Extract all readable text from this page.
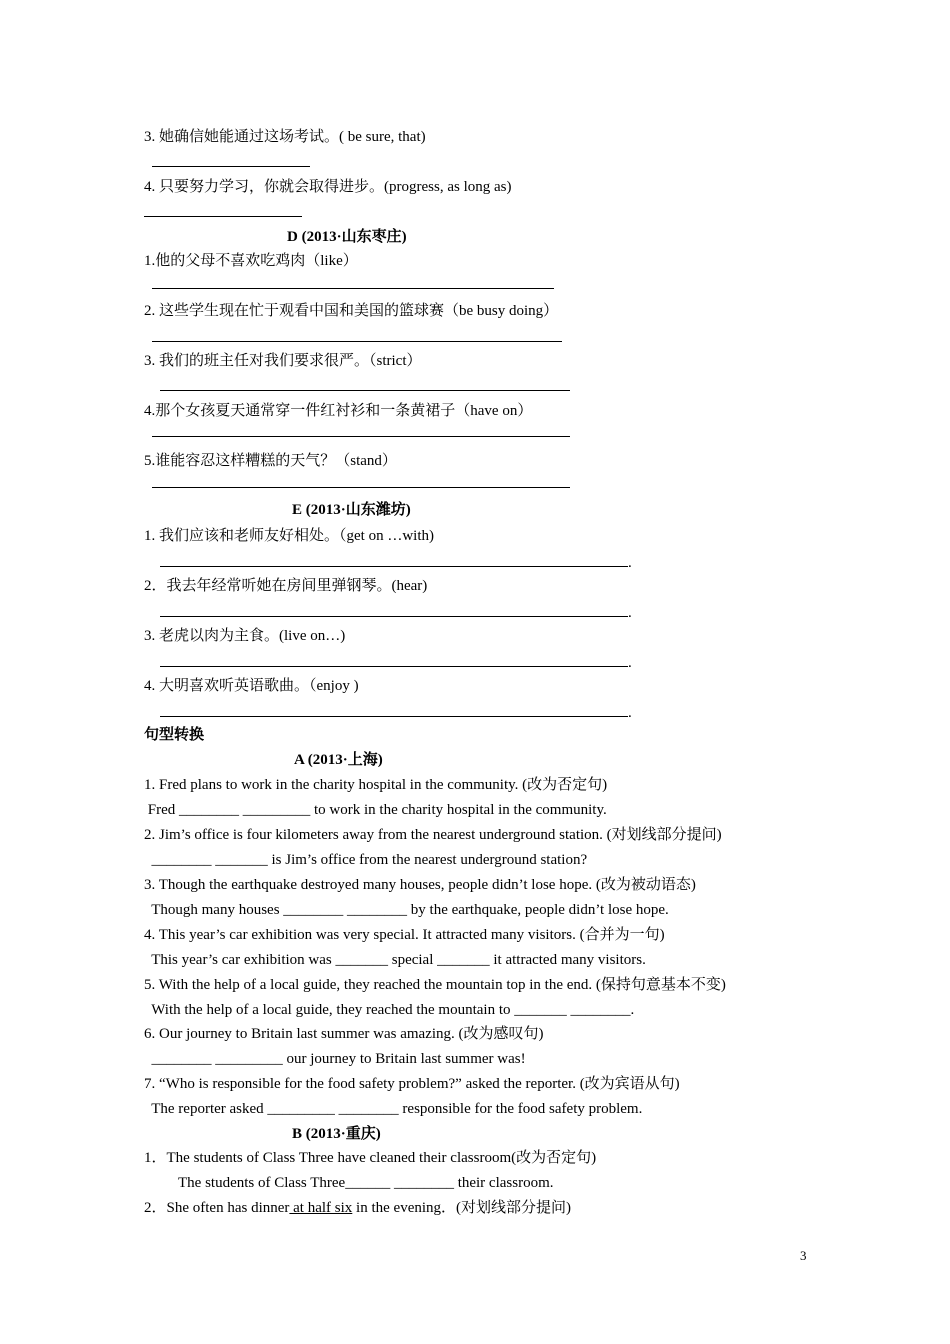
3. 她确信她能通过这场考试。( be sure, that)
4. 只要努力学习，你就会取得进步。(progress, as long as)
D (2013·山东枣庄)
1.他的父母不喜欢吃鸡肉（like）
2. 这些学生现在忙于观看中国和美国的篮球赛（be busy doing）
3. 我们的班主任对我们要求很严。（strict）
4.那个女孩夏天通常穿一件红衬衫和一条黄裙子（have on）
5.谁能容忍这样糟糕的天气？（stand）
E (2013·山东潍坊)
1. 我们应该和老师友好相处。（get on …with)
.
2．我去年经常听她在房间里弹钢琴。(hear)
.
3. 老虎以肉为主食。(live on…)
.
4. 大明喜欢听英语歌曲。（enjoy )
.
句型转换
A (2013·上海)
1. Fred plans to work in the charity hospital in the community. (改为否定句)
Fred ________ _________ to work in the charity hospital in the community.
2. Jim’s office is four kilometers away from the nearest underground station. (对划线部分提问)
________ _______ is Jim’s office from the nearest underground station?
3. Though the earthquake destroyed many houses, people didn’t lose hope. (改为被动语态)
Though many houses ________ ________ by the earthquake, people didn’t lose hope.
4. This year’s car exhibition was very special. It attracted many visitors. (合并为一句)
This year’s car exhibition was _______ special _______ it attracted many visitors.
5. With the help of a local guide, they reached the mountain top in the end. (保持句意基本不变)
With the help of a local guide, they reached the mountain to _______ ________.
6. Our journey to Britain last summer was amazing. (改为感叹句)
________ _________ our journey to Britain last summer was!
7. “Who is responsible for the food safety problem?” asked the reporter. (改为宾语从句)
The reporter asked _________ ________ responsible for the food safety problem.
B (2013·重庆)
1．The students of Class Three have cleaned their classroom(改为否定句)
The students of Class Three______ ________ their classroom.
2．She often has dinner at half six in the evening．(对划线部分提问)
3
